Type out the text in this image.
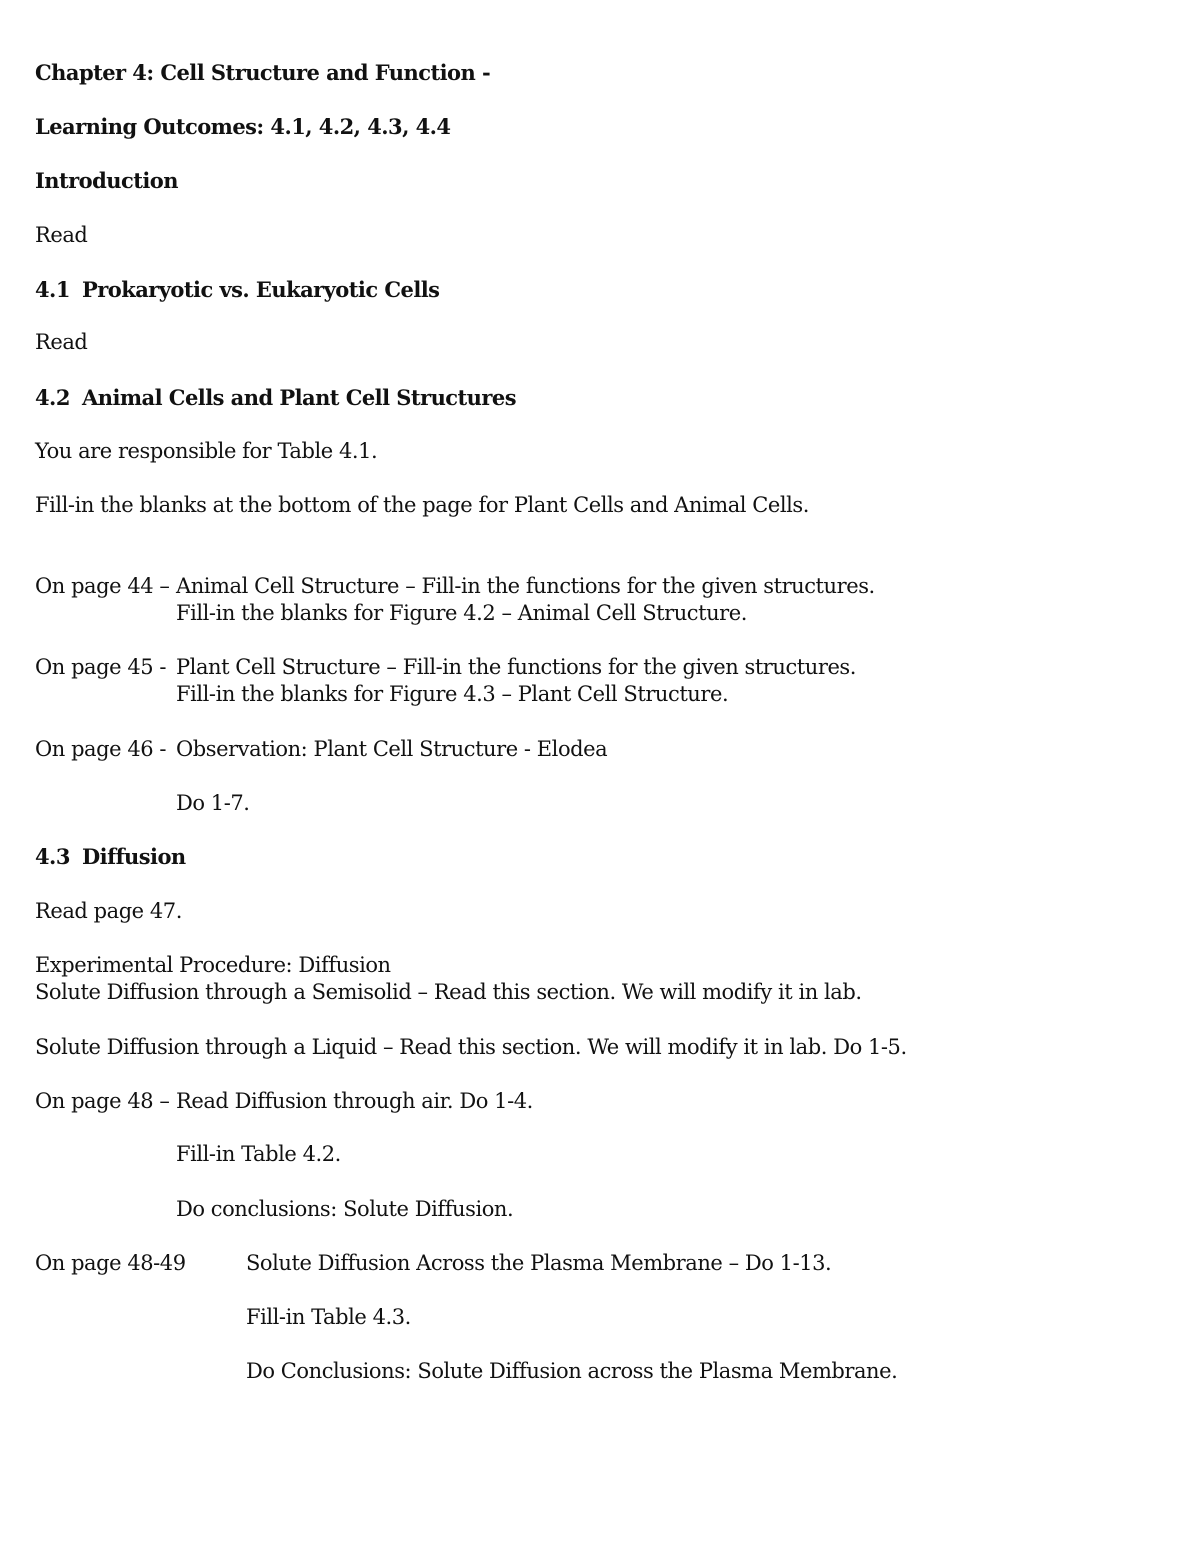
Chapter 4: Cell Structure and Function -
Learning Outcomes: 4.1, 4.2, 4.3, 4.4
Introduction
Read
4.1 Prokaryotic vs. Eukaryotic Cells
Read
4.2 Animal Cells and Plant Cell Structures
You are responsible for Table 4.1.
Fill-in the blanks at the bottom of the page for Plant Cells and Animal Cells.
On page 44 – Animal Cell Structure – Fill-in the functions for the given structures.
Fill-in the blanks for Figure 4.2 – Animal Cell Structure.
On page 45 - Plant Cell Structure – Fill-in the functions for the given structures.
Fill-in the blanks for Figure 4.3 – Plant Cell Structure.
On page 46 - Observation: Plant Cell Structure - Elodea
Do 1-7.
4.3 Diffusion
Read page 47.
Experimental Procedure: Diffusion
Solute Diffusion through a Semisolid – Read this section. We will modify it in lab.
Solute Diffusion through a Liquid – Read this section. We will modify it in lab. Do 1-5.
On page 48 – Read Diffusion through air. Do 1-4.
Fill-in Table 4.2.
Do conclusions: Solute Diffusion.
On page 48-49	Solute Diffusion Across the Plasma Membrane – Do 1-13.
Fill-in Table 4.3.
Do Conclusions: Solute Diffusion across the Plasma Membrane.
